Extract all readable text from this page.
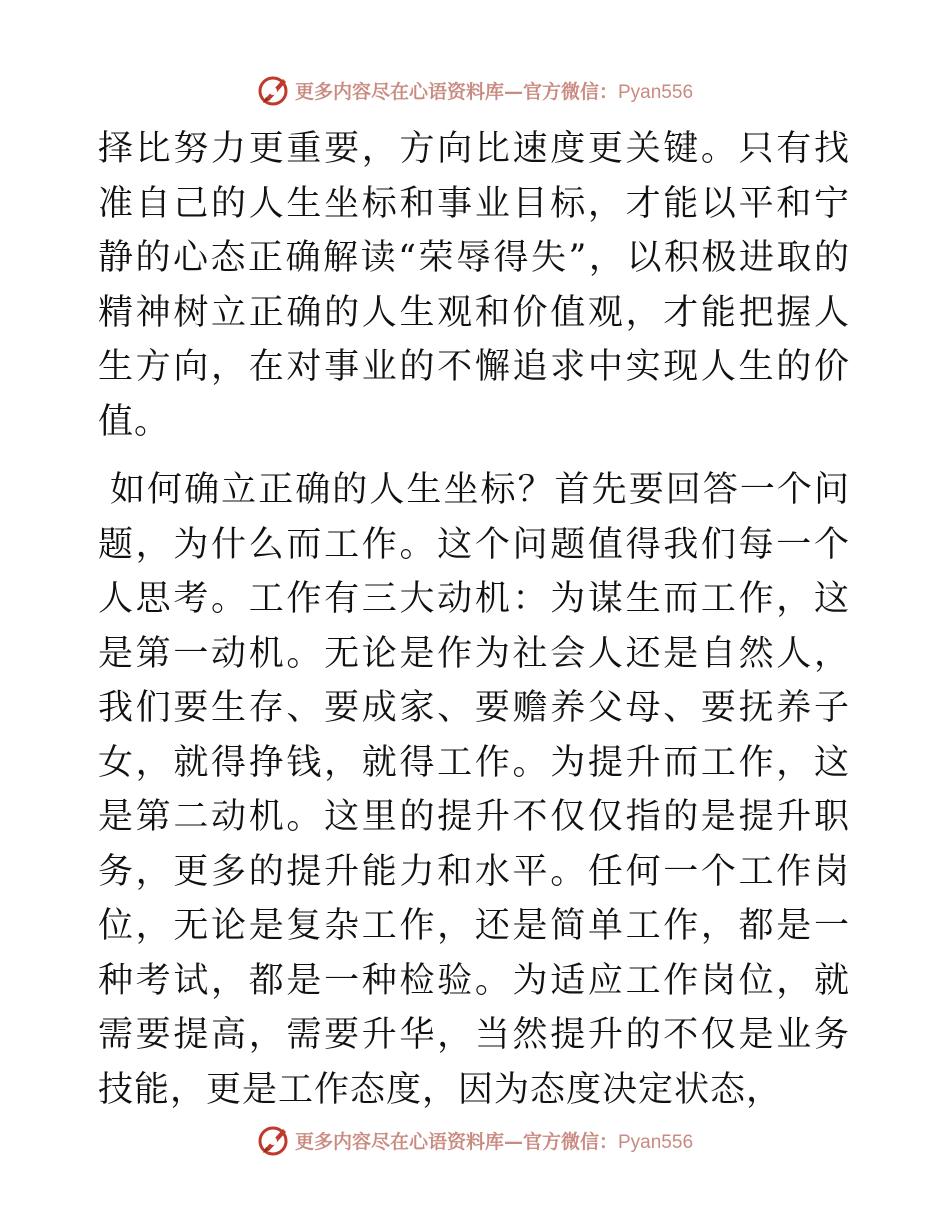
更多内容尽在心语资料库—官方微信：Pyan556

择比努力更重要，方向比速度更关键。只有找准自己的人生坐标和事业目标，才能以平和宁静的心态正确解读“荣辱得失”，以积极进取的精神树立正确的人生观和价值观，才能把握人生方向，在对事业的不懈追求中实现人生的价值。

如何确立正确的人生坐标？首先要回答一个问题，为什么而工作。这个问题值得我们每一个人思考。工作有三大动机：为谋生而工作，这是第一动机。无论是作为社会人还是自然人，我们要生存、要成家、要赡养父母、要抚养子女，就得挣钱，就得工作。为提升而工作，这是第二动机。这里的提升不仅仅指的是提升职务，更多的提升能力和水平。任何一个工作岗位，无论是复杂工作，还是简单工作，都是一种考试，都是一种检验。为适应工作岗位，就需要提高，需要升华，当然提升的不仅是业务技能，更是工作态度，因为态度决定状态，

更多内容尽在心语资料库—官方微信：Pyan556
